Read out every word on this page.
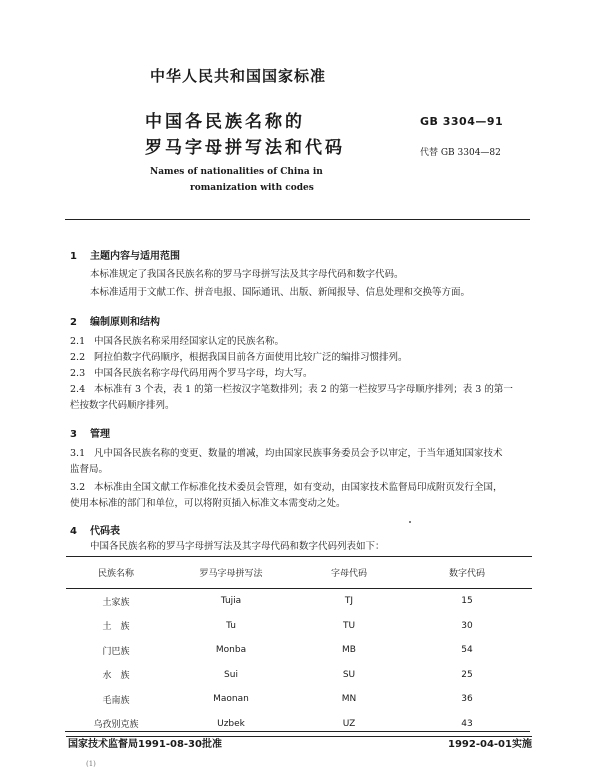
中华人民共和国国家标准
中国各民族名称的
罗马字母拼写法和代码
GB 3304—91
代替 GB 3304—82
Names of nationalities of China in
romanization with codes
1 主题内容与适用范围
本标准规定了我国各民族名称的罗马字母拼写法及其字母代码和数字代码。
本标准适用于文献工作、拼音电报、国际通讯、出版、新闻报导、信息处理和交换等方面。
2 编制原则和结构
2.1 中国各民族名称采用经国家认定的民族名称。
2.2 阿拉伯数字代码顺序，根据我国目前各方面使用比较广泛的编排习惯排列。
2.3 中国各民族名称字母代码用两个罗马字母，均大写。
2.4 本标准有 3 个表，表 1 的第一栏按汉字笔数排列；表 2 的第一栏按罗马字母顺序排列；表 3 的第一
栏按数字代码顺序排列。
3 管理
3.1 凡中国各民族名称的变更、数量的增减，均由国家民族事务委员会予以审定，于当年通知国家技术
监督局。
3.2 本标准由全国文献工作标准化技术委员会管理，如有变动，由国家技术监督局印成附页发行全国，
使用本标准的部门和单位，可以将附页插入标准文本需变动之处。
4 代码表
中国各民族名称的罗马字母拼写法及其字母代码和数字代码列表如下：
民族名称	罗马字母拼写法	字母代码	数字代码
土家族	Tujia	TJ	15
土　族	Tu	TU	30
门巴族	Monba	MB	54
水　族	Sui	SU	25
毛南族	Maonan	MN	36
乌孜别克族	Uzbek	UZ	43
国家技术监督局1991-08-30批准	1992-04-01实施
(1)
